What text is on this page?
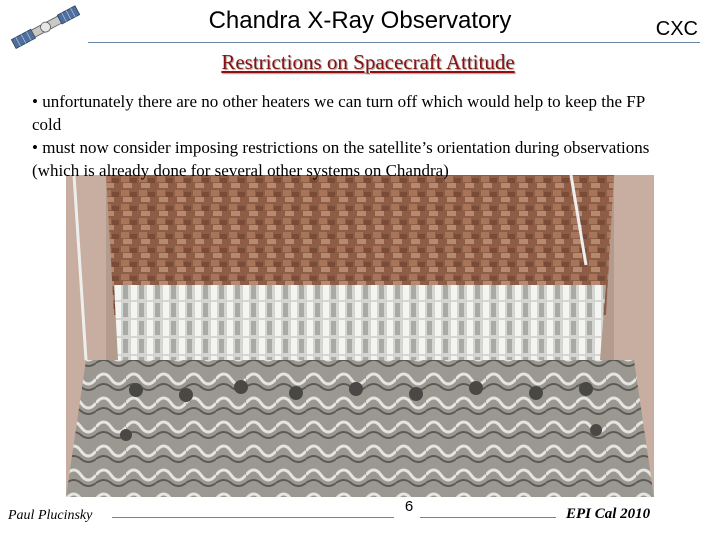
Chandra X-Ray Observatory	CXC
Restrictions on Spacecraft Attitude
• unfortunately there are no other heaters we can turn off which would help to keep the FP cold
• must now consider imposing restrictions on the satellite’s orientation during observations (which is already done for several other systems on Chandra)
Paul Plucinsky
6	EPI Cal 2010
